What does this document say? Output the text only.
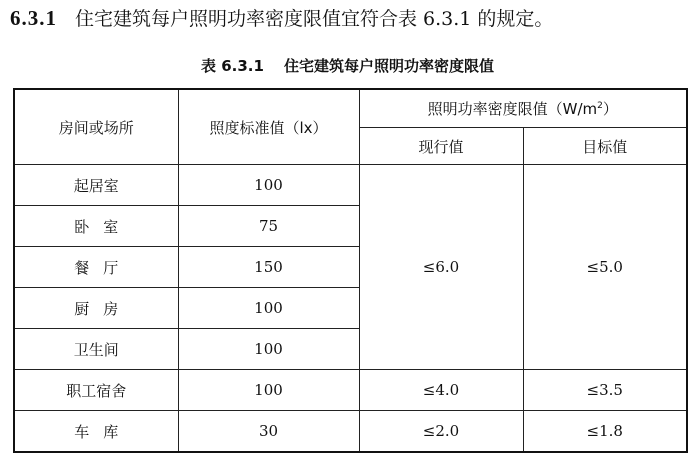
6.3.1 住宅建筑每户照明功率密度限值宜符合表 6.3.1 的规定。
表 6.3.1 住宅建筑每户照明功率密度限值
房间或场所	照度标准值（lx）	照明功率密度限值$(W/m^2)$	
		现行值	目标值
起居室	100	≤6.0	≤5.0
卧室	75		
餐厅	150		
厨房	100		
卫生间	100		
职工宿舍	100	≤4.0	≤3.5
车库	30	≤2.0	≤1.8
